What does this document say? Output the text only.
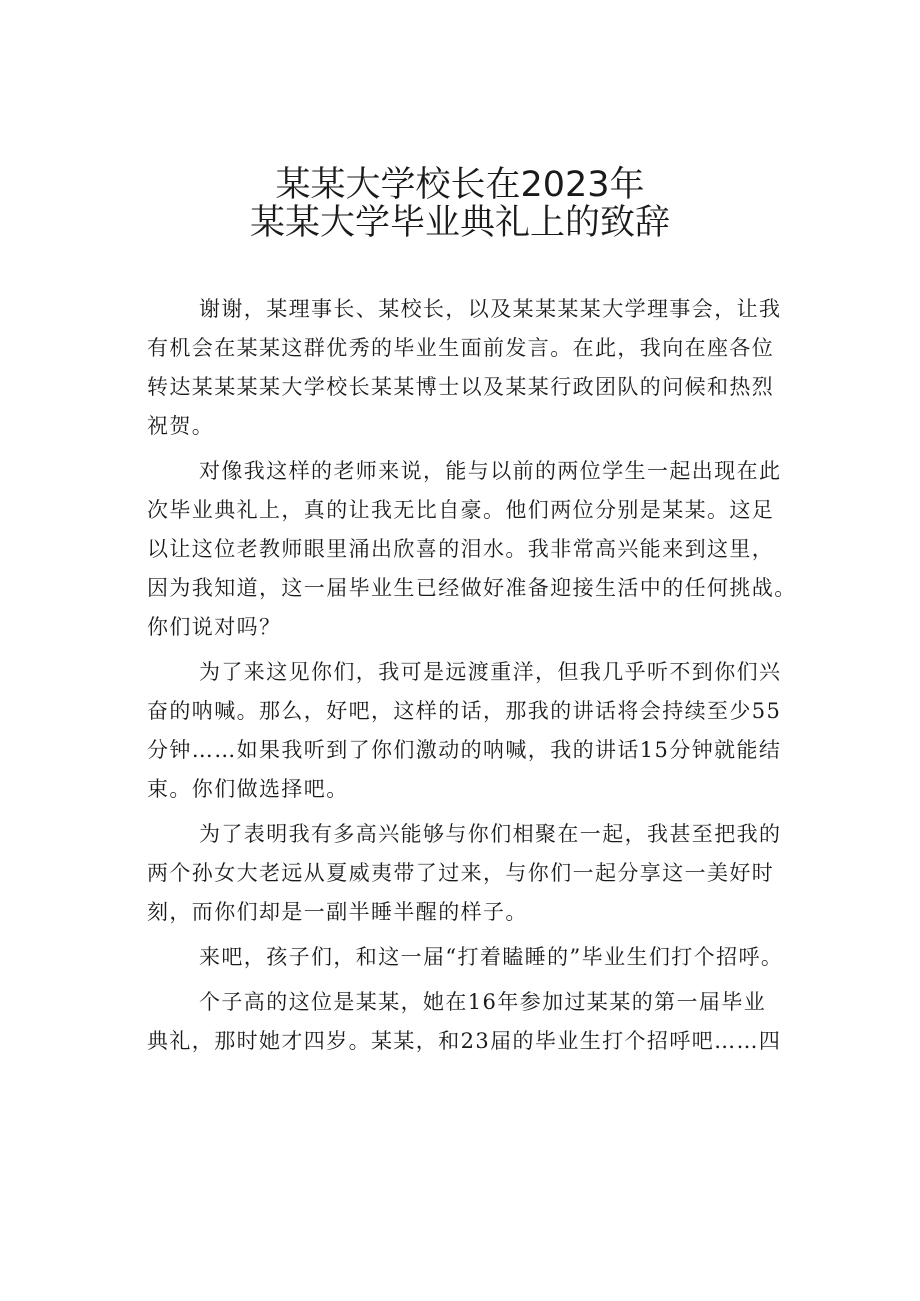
某某大学校长在2023年
某某大学毕业典礼上的致辞
谢谢，某理事长、某校长，以及某某某某大学理事会，让我
有机会在某某这群优秀的毕业生面前发言。在此，我向在座各位
转达某某某某大学校长某某博士以及某某行政团队的问候和热烈
祝贺。
对像我这样的老师来说，能与以前的两位学生一起出现在此
次毕业典礼上，真的让我无比自豪。他们两位分别是某某。这足
以让这位老教师眼里涌出欣喜的泪水。我非常高兴能来到这里，
因为我知道，这一届毕业生已经做好准备迎接生活中的任何挑战。
你们说对吗？
为了来这见你们，我可是远渡重洋，但我几乎听不到你们兴
奋的呐喊。那么，好吧，这样的话，那我的讲话将会持续至少55
分钟……如果我听到了你们激动的呐喊，我的讲话15分钟就能结
束。你们做选择吧。
为了表明我有多高兴能够与你们相聚在一起，我甚至把我的
两个孙女大老远从夏威夷带了过来，与你们一起分享这一美好时
刻，而你们却是一副半睡半醒的样子。
来吧，孩子们，和这一届“打着瞌睡的”毕业生们打个招呼。
个子高的这位是某某，她在16年参加过某某的第一届毕业
典礼，那时她才四岁。某某，和23届的毕业生打个招呼吧……四
